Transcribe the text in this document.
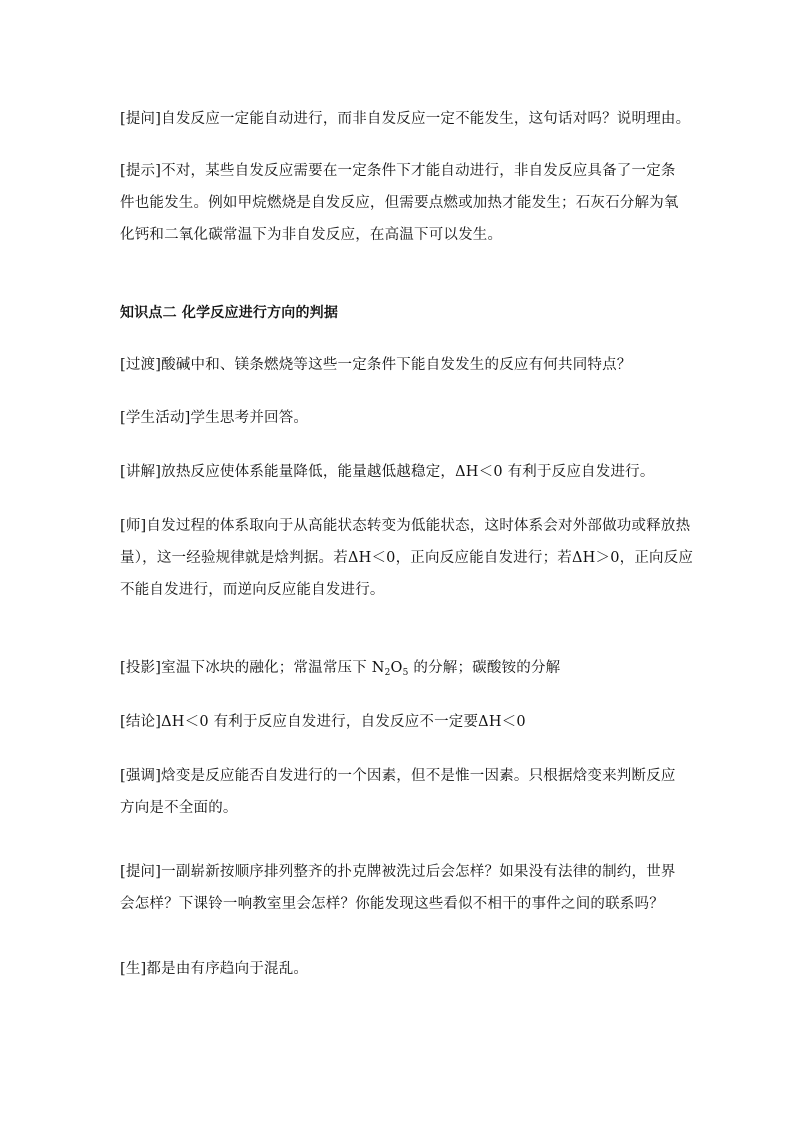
[提问]自发反应一定能自动进行，而非自发反应一定不能发生，这句话对吗？说明理由。
[提示]不对，某些自发反应需要在一定条件下才能自动进行，非自发反应具备了一定条
件也能发生。例如甲烷燃烧是自发反应，但需要点燃或加热才能发生；石灰石分解为氧
化钙和二氧化碳常温下为非自发反应，在高温下可以发生。
知识点二 化学反应进行方向的判据
[过渡]酸碱中和、镁条燃烧等这些一定条件下能自发发生的反应有何共同特点？
[学生活动]学生思考并回答。
[讲解]放热反应使体系能量降低，能量越低越稳定，ΔH＜0 有利于反应自发进行。
[师]自发过程的体系取向于从高能状态转变为低能状态，这时体系会对外部做功或释放热
量），这一经验规律就是焓判据。若ΔH＜0，正向反应能自发进行；若ΔH＞0，正向反应
不能自发进行，而逆向反应能自发进行。
[投影]室温下冰块的融化；常温常压下 $N_2O_5$ 的分解；碳酸铵的分解
[结论]ΔH＜0 有利于反应自发进行，自发反应不一定要ΔH＜0
[强调]焓变是反应能否自发进行的一个因素，但不是惟一因素。只根据焓变来判断反应
方向是不全面的。
[提问]一副崭新按顺序排列整齐的扑克牌被洗过后会怎样？如果没有法律的制约，世界
会怎样？下课铃一响教室里会怎样？你能发现这些看似不相干的事件之间的联系吗？
[生]都是由有序趋向于混乱。
